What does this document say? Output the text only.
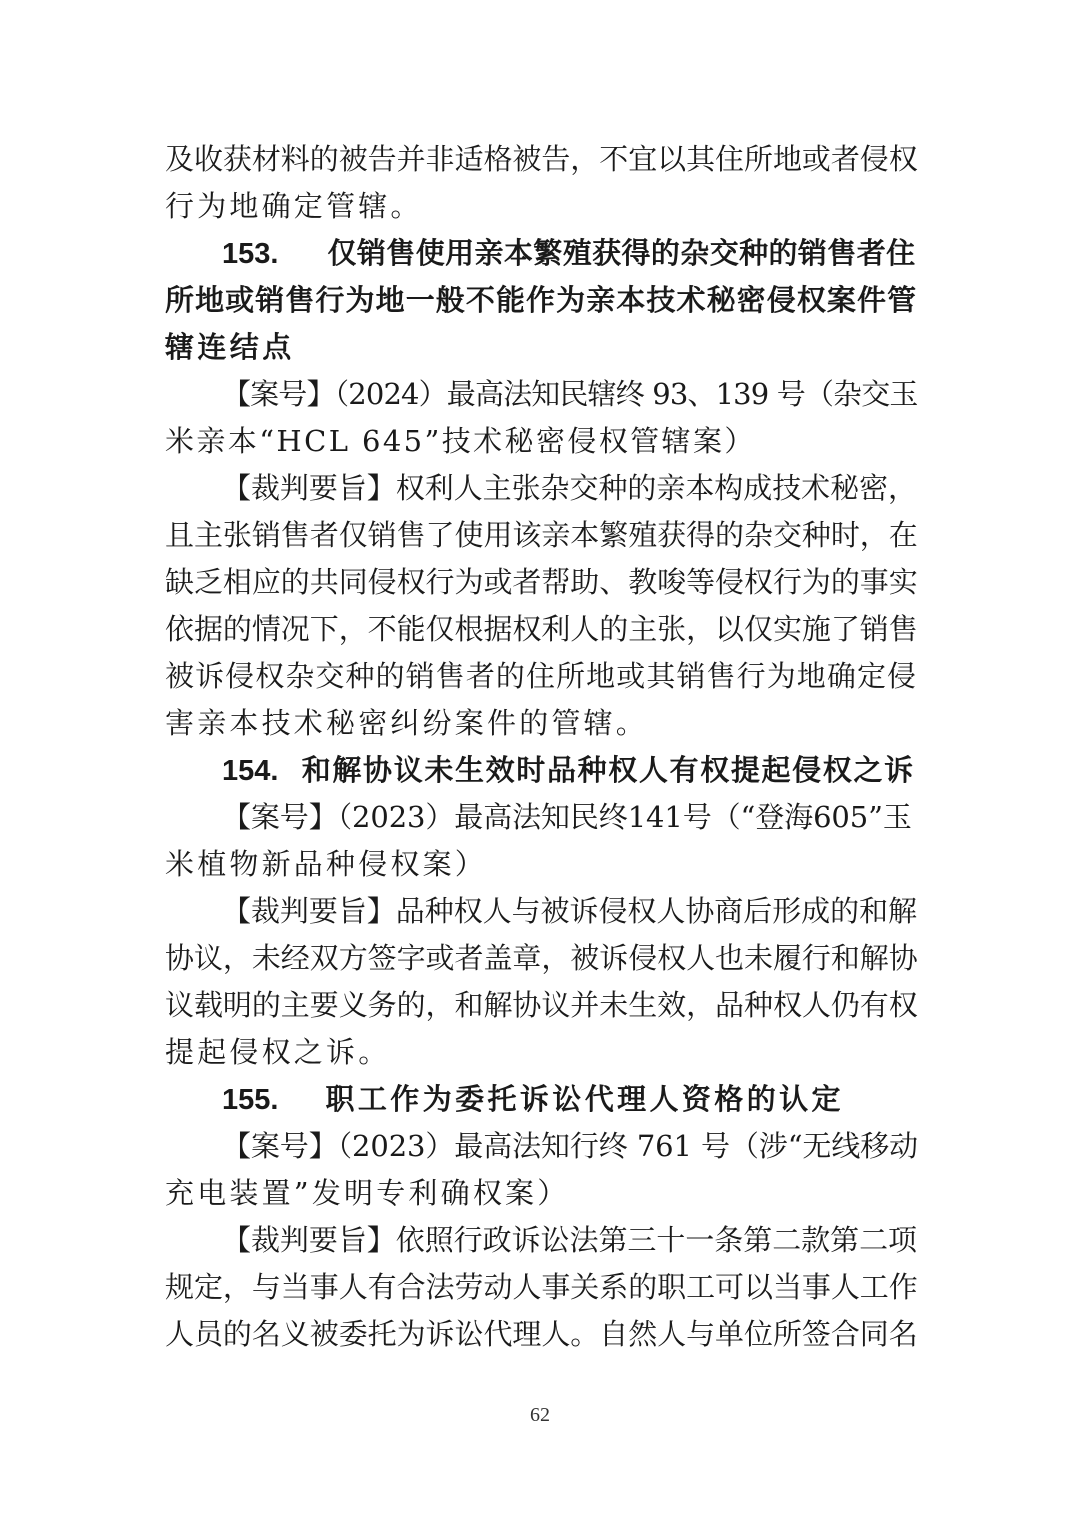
及收获材料的被告并非适格被告，不宜以其住所地或者侵权
行为地确定管辖。
153. 仅销售使用亲本繁殖获得的杂交种的销售者住
所地或销售行为地一般不能作为亲本技术秘密侵权案件管
辖连结点
【案号】（2024）最高法知民辖终 93、139 号（杂交玉
米亲本“HCL 645”技术秘密侵权管辖案）
【裁判要旨】权利人主张杂交种的亲本构成技术秘密，
且主张销售者仅销售了使用该亲本繁殖获得的杂交种时，在
缺乏相应的共同侵权行为或者帮助、教唆等侵权行为的事实
依据的情况下，不能仅根据权利人的主张，以仅实施了销售
被诉侵权杂交种的销售者的住所地或其销售行为地确定侵
害亲本技术秘密纠纷案件的管辖。
154. 和解协议未生效时品种权人有权提起侵权之诉
【案号】（2023）最高法知民终141号（“登海605”玉
米植物新品种侵权案）
【裁判要旨】品种权人与被诉侵权人协商后形成的和解
协议，未经双方签字或者盖章，被诉侵权人也未履行和解协
议载明的主要义务的，和解协议并未生效，品种权人仍有权
提起侵权之诉。
155. 职工作为委托诉讼代理人资格的认定
【案号】（2023）最高法知行终 761 号（涉“无线移动
充电装置”发明专利确权案）
【裁判要旨】依照行政诉讼法第三十一条第二款第二项
规定，与当事人有合法劳动人事关系的职工可以当事人工作
人员的名义被委托为诉讼代理人。自然人与单位所签合同名
62
